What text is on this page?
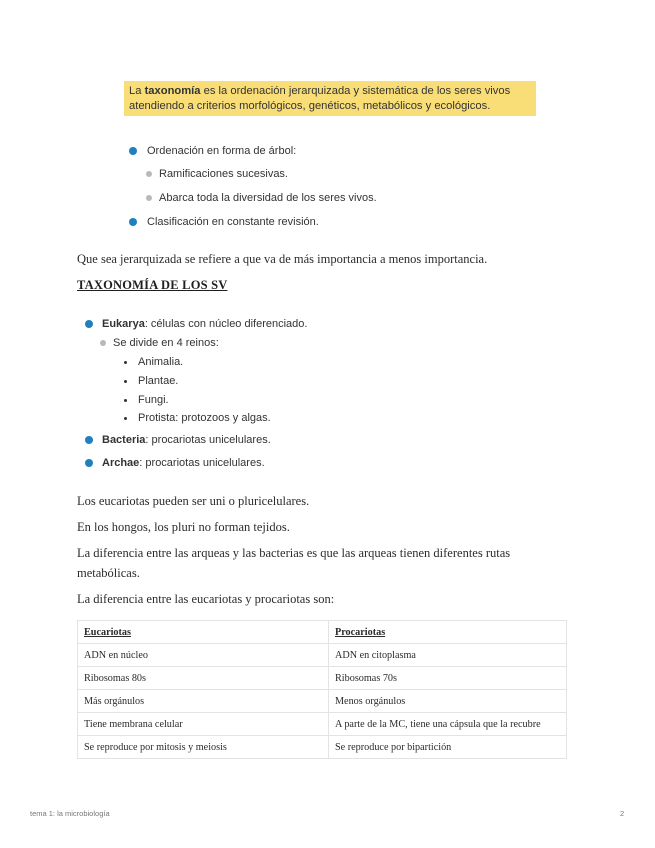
La taxonomía es la ordenación jerarquizada y sistemática de los seres vivos atendiendo a criterios morfológicos, genéticos, metabólicos y ecológicos.
Ordenación en forma de árbol:
Ramificaciones sucesivas.
Abarca toda la diversidad de los seres vivos.
Clasificación en constante revisión.
Que sea jerarquizada se refiere a que va de más importancia a menos importancia.
TAXONOMÍA DE LOS SV
Eukarya: células con núcleo diferenciado.
Se divide en 4 reinos:
Animalia.
Plantae.
Fungi.
Protista: protozoos y algas.
Bacteria: procariotas unicelulares.
Archae: procariotas unicelulares.
Los eucariotas pueden ser uni o pluricelulares.
En los hongos, los pluri no forman tejidos.
La diferencia entre las arqueas y las bacterias es que las arqueas tienen diferentes rutas
metabólicas.
La diferencia entre las eucariotas y procariotas son:
Eucariotas	Procariotas
ADN en núcleo	ADN en citoplasma
Ribosomas 80s	Ribosomas 70s
Más orgánulos	Menos orgánulos
Tiene membrana celular	A parte de la MC, tiene una cápsula que la recubre
Se reproduce por mitosis y meiosis	Se reproduce por bipartición
tema 1: la microbiología	2
